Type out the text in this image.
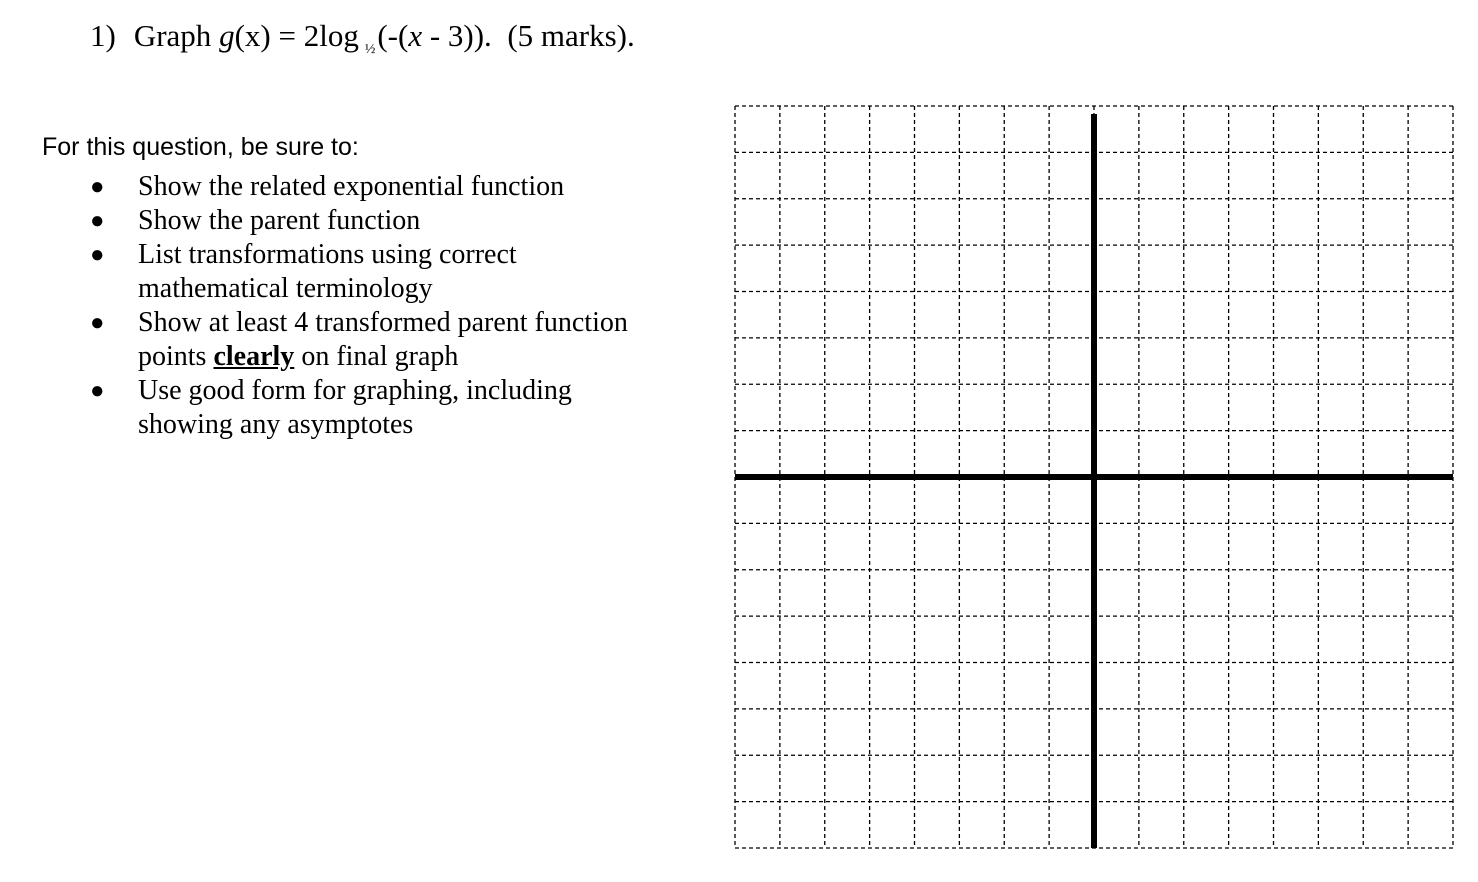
1) Graph g(x) = 2log $_{\frac{1}{2}}$(-(x - 3)). (5 marks).
For this question, be sure to:
● Show the related exponential function
● Show the parent function
● List transformations using correct
mathematical terminology
● Show at least 4 transformed parent function
points clearly on final graph
● Use good form for graphing, including
showing any asymptotes
